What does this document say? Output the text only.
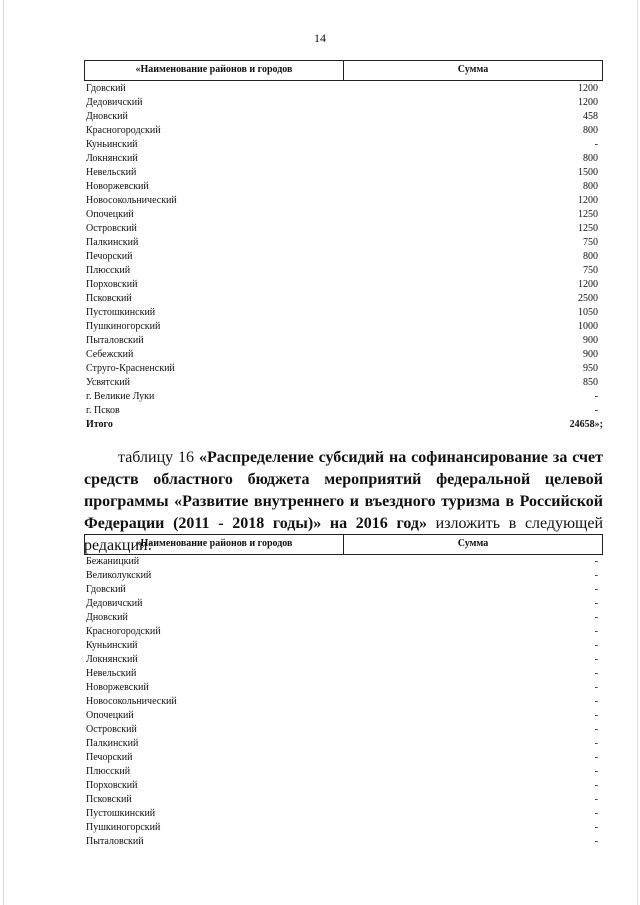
14
«Наименование районов и городов	Сумма
Гдовский	1200
Дедовичский	1200
Дновский	458
Красногородский	800
Куньинский	-
Локнянский	800
Невельский	1500
Новоржевский	800
Новосокольнический	1200
Опочецкий	1250
Островский	1250
Палкинский	750
Печорский	800
Плюсский	750
Порховский	1200
Псковский	2500
Пустошкинский	1050
Пушкиногорский	1000
Пыталовский	900
Себежский	900
Струго-Красненский	950
Усвятский	850
г. Великие Луки	-
г. Псков	-
Итого	24658»;
таблицу 16 «Распределение субсидий на софинансирование за счет средств областного бюджета мероприятий федеральной целевой программы «Развитие внутреннего и въездного туризма в Российской Федерации (2011 - 2018 годы)» на 2016 год» изложить в следующей редакции:
«Наименование районов и городов	Сумма
Бежаницкий	-
Великолукский	-
Гдовский	-
Дедовичский	-
Дновский	-
Красногородский	-
Куньинский	-
Локнянский	-
Невельский	-
Новоржевский	-
Новосокольнический	-
Опочецкий	-
Островский	-
Палкинский	-
Печорский	-
Плюсский	-
Порховский	-
Псковский	-
Пустошкинский	-
Пушкиногорский	-
Пыталовский	-
